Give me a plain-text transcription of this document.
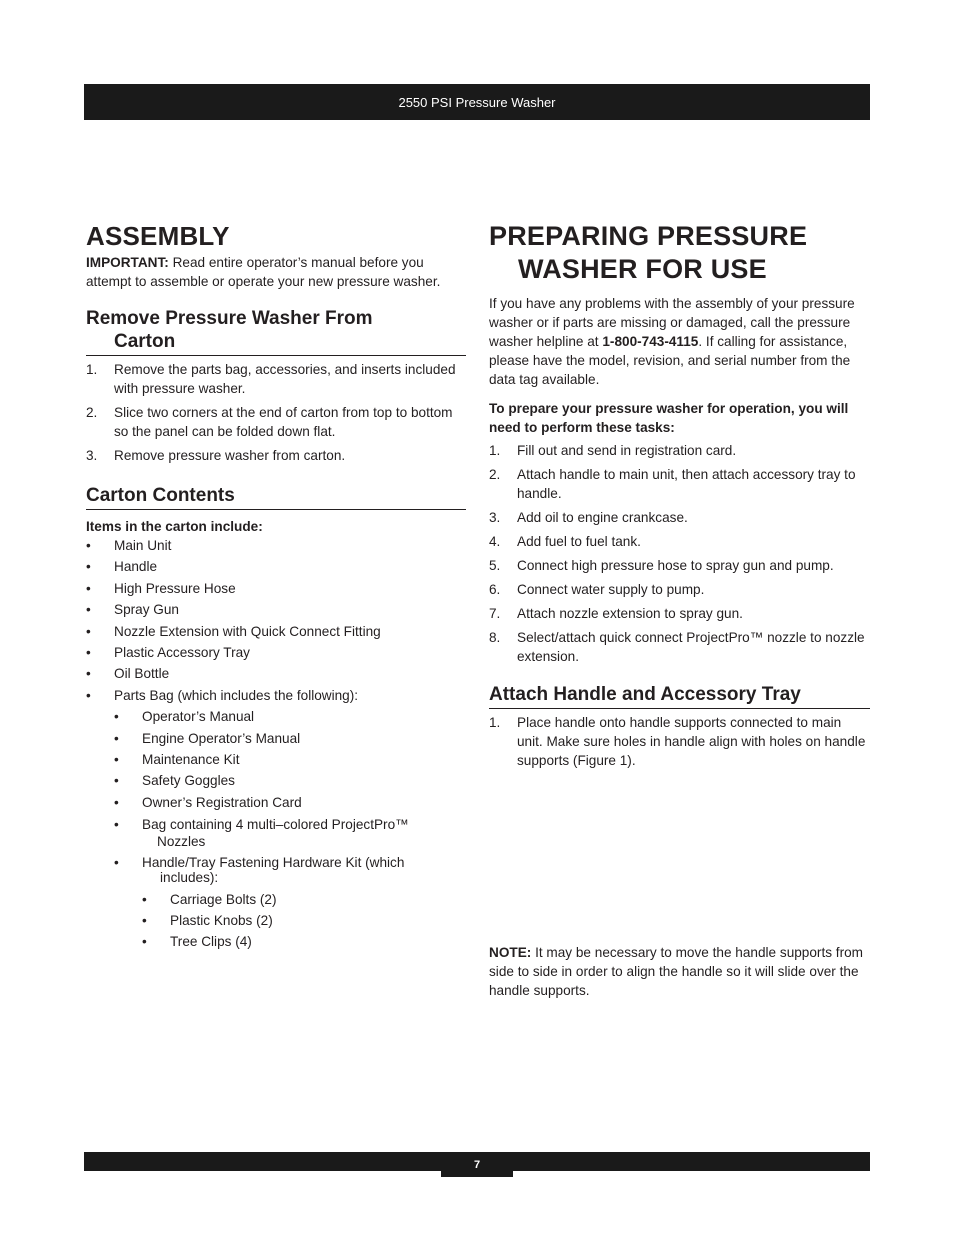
2550 PSI Pressure Washer
ASSEMBLY

IMPORTANT: Read entire operator’s manual before you attempt to assemble or operate your new pressure washer.

Remove Pressure Washer From
Carton
1. Remove the parts bag, accessories, and inserts included with pressure washer.
2. Slice two corners at the end of carton from top to bottom so the panel can be folded down flat.
3. Remove pressure washer from carton.
Carton Contents

Items in the carton include:

• Main Unit
• Handle
• High Pressure Hose
• Spray Gun
• Nozzle Extension with Quick Connect Fitting
• Plastic Accessory Tray
• Oil Bottle
• Parts Bag (which includes the following):
• Operator’s Manual
• Engine Operator’s Manual
• Maintenance Kit
• Safety Goggles
• Owner’s Registration Card
• Bag containing 4 multi–colored ProjectPro™
Nozzles
• Handle/Tray Fastening Hardware Kit (which
includes):
• Carriage Bolts (2)
• Plastic Knobs (2)
• Tree Clips (4)
PREPARING PRESSURE
WASHER FOR USE

If you have any problems with the assembly of your pressure washer or if parts are missing or damaged, call the pressure washer helpline at 1-800-743-4115. If calling for assistance, please have the model, revision, and serial number from the data tag available.

To prepare your pressure washer for operation, you will need to perform these tasks:

1. Fill out and send in registration card.
2. Attach handle to main unit, then attach accessory tray to handle.
3. Add oil to engine crankcase.
4. Add fuel to fuel tank.
5. Connect high pressure hose to spray gun and pump.
6. Connect water supply to pump.
7. Attach nozzle extension to spray gun.
8. Select/attach quick connect ProjectPro™ nozzle to nozzle extension.
Attach Handle and Accessory Tray
1. Place handle onto handle supports connected to main unit. Make sure holes in handle align with holes on handle supports (Figure 1).

NOTE: It may be necessary to move the handle supports from side to side in order to align the handle so it will slide over the handle supports.

7
